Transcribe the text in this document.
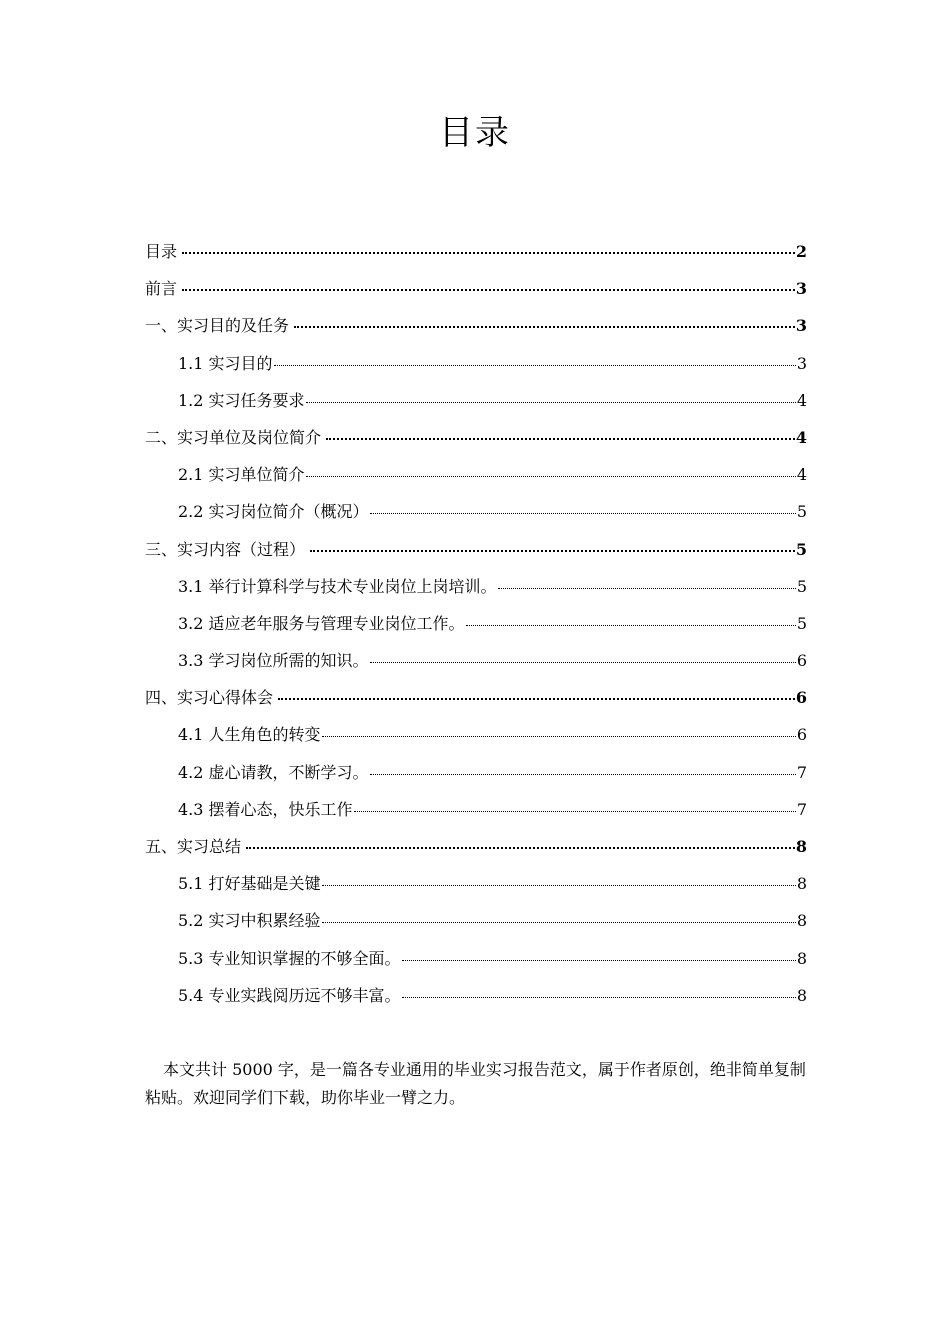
目录
目录	2
前言	3
一、实习目的及任务	3
1.1 实习目的	3
1.2 实习任务要求	4
二、实习单位及岗位简介	4
2.1 实习单位简介	4
2.2 实习岗位简介（概况）	5
三、实习内容（过程）	5
3.1 举行计算科学与技术专业岗位上岗培训。	5
3.2 适应老年服务与管理专业岗位工作。	5
3.3 学习岗位所需的知识。	6
四、实习心得体会	6
4.1 人生角色的转变	6
4.2 虚心请教，不断学习。	7
4.3 摆着心态，快乐工作	7
五、实习总结	8
5.1 打好基础是关键	8
5.2 实习中积累经验	8
5.3 专业知识掌握的不够全面。	8
5.4 专业实践阅历远不够丰富。	8

本文共计 5000 字，是一篇各专业通用的毕业实习报告范文，属于作者原创，绝非简单复制粘贴。欢迎同学们下载，助你毕业一臂之力。
